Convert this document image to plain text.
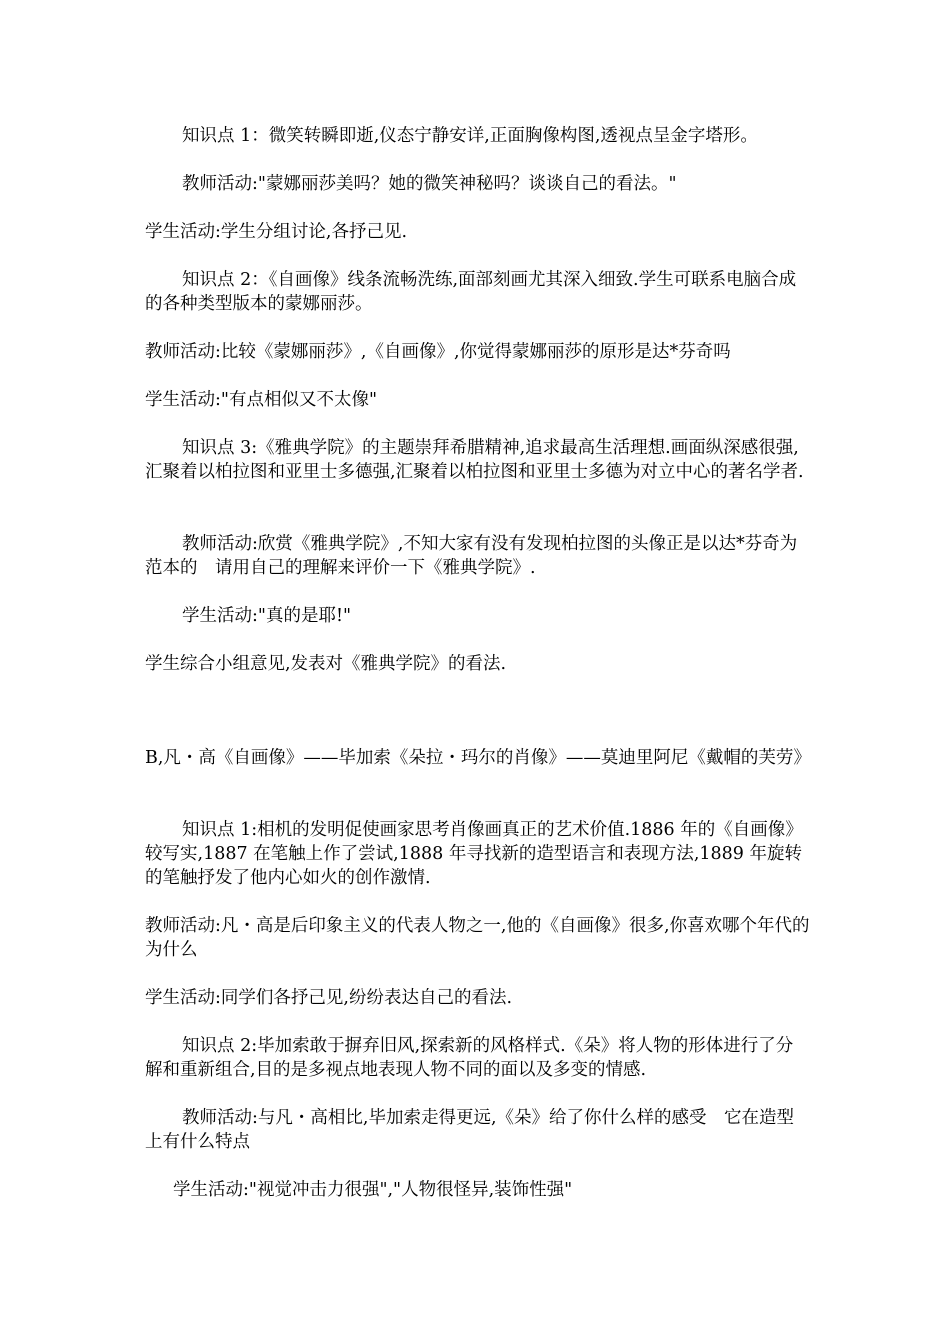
知识点 1：微笑转瞬即逝,仪态宁静安详,正面胸像构图,透视点呈金字塔形。

教师活动:"蒙娜丽莎美吗？她的微笑神秘吗？谈谈自己的看法。"

学生活动:学生分组讨论,各抒己见.

知识点 2：《自画像》线条流畅洗练,面部刻画尤其深入细致.学生可联系电脑合成的各种类型版本的蒙娜丽莎。

教师活动:比较《蒙娜丽莎》,《自画像》,你觉得蒙娜丽莎的原形是达*芬奇吗

学生活动:"有点相似又不太像"

知识点 3:《雅典学院》的主题崇拜希腊精神,追求最高生活理想.画面纵深感很强,汇聚着以柏拉图和亚里士多德强,汇聚着以柏拉图和亚里士多德为对立中心的著名学者.

教师活动:欣赏《雅典学院》,不知大家有没有发现柏拉图的头像正是以达*芬奇为范本的　请用自己的理解来评价一下《雅典学院》.

学生活动:"真的是耶!"

学生综合小组意见,发表对《雅典学院》的看法.

B,凡・高《自画像》——毕加索《朵拉・玛尔的肖像》——莫迪里阿尼《戴帽的芙劳》

知识点 1:相机的发明促使画家思考肖像画真正的艺术价值.1886 年的《自画像》较写实,1887 在笔触上作了尝试,1888 年寻找新的造型语言和表现方法,1889 年旋转的笔触抒发了他内心如火的创作激情.

教师活动:凡・高是后印象主义的代表人物之一,他的《自画像》很多,你喜欢哪个年代的　为什么

学生活动:同学们各抒己见,纷纷表达自己的看法.

知识点 2:毕加索敢于摒弃旧风,探索新的风格样式.《朵》将人物的形体进行了分解和重新组合,目的是多视点地表现人物不同的面以及多变的情感.

教师活动:与凡・高相比,毕加索走得更远,《朵》给了你什么样的感受　它在造型上有什么特点

学生活动:"视觉冲击力很强","人物很怪异,装饰性强"
